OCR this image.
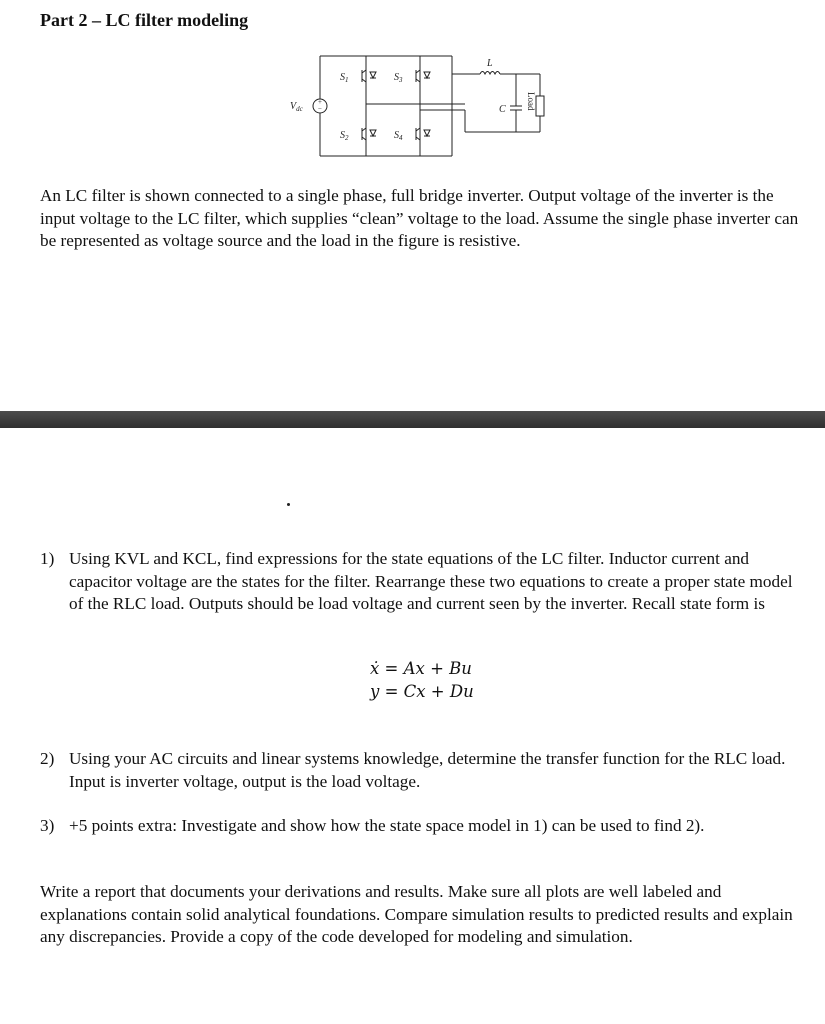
Part 2 – LC filter modeling
+
−
$V_{dc}$
$S_1$	$S_3$
$S_2$	$S_4$
L
C Load
An LC filter is shown connected to a single phase, full bridge inverter. Output voltage of the inverter is the input voltage to the LC filter, which supplies “clean” voltage to the load. Assume the single phase inverter can be represented as voltage source and the load in the figure is resistive.
1) Using KVL and KCL, find expressions for the state equations of the LC filter. Inductor current and capacitor voltage are the states for the filter. Rearrange these two equations to create a proper state model of the RLC load. Outputs should be load voltage and current seen by the inverter. Recall state form is
ẋ = Ax + Bu
y = Cx + Du
2) Using your AC circuits and linear systems knowledge, determine the transfer function for the RLC load. Input is inverter voltage, output is the load voltage.
3) +5 points extra: Investigate and show how the state space model in 1) can be used to find 2).
Write a report that documents your derivations and results. Make sure all plots are well labeled and explanations contain solid analytical foundations. Compare simulation results to predicted results and explain any discrepancies. Provide a copy of the code developed for modeling and simulation.
